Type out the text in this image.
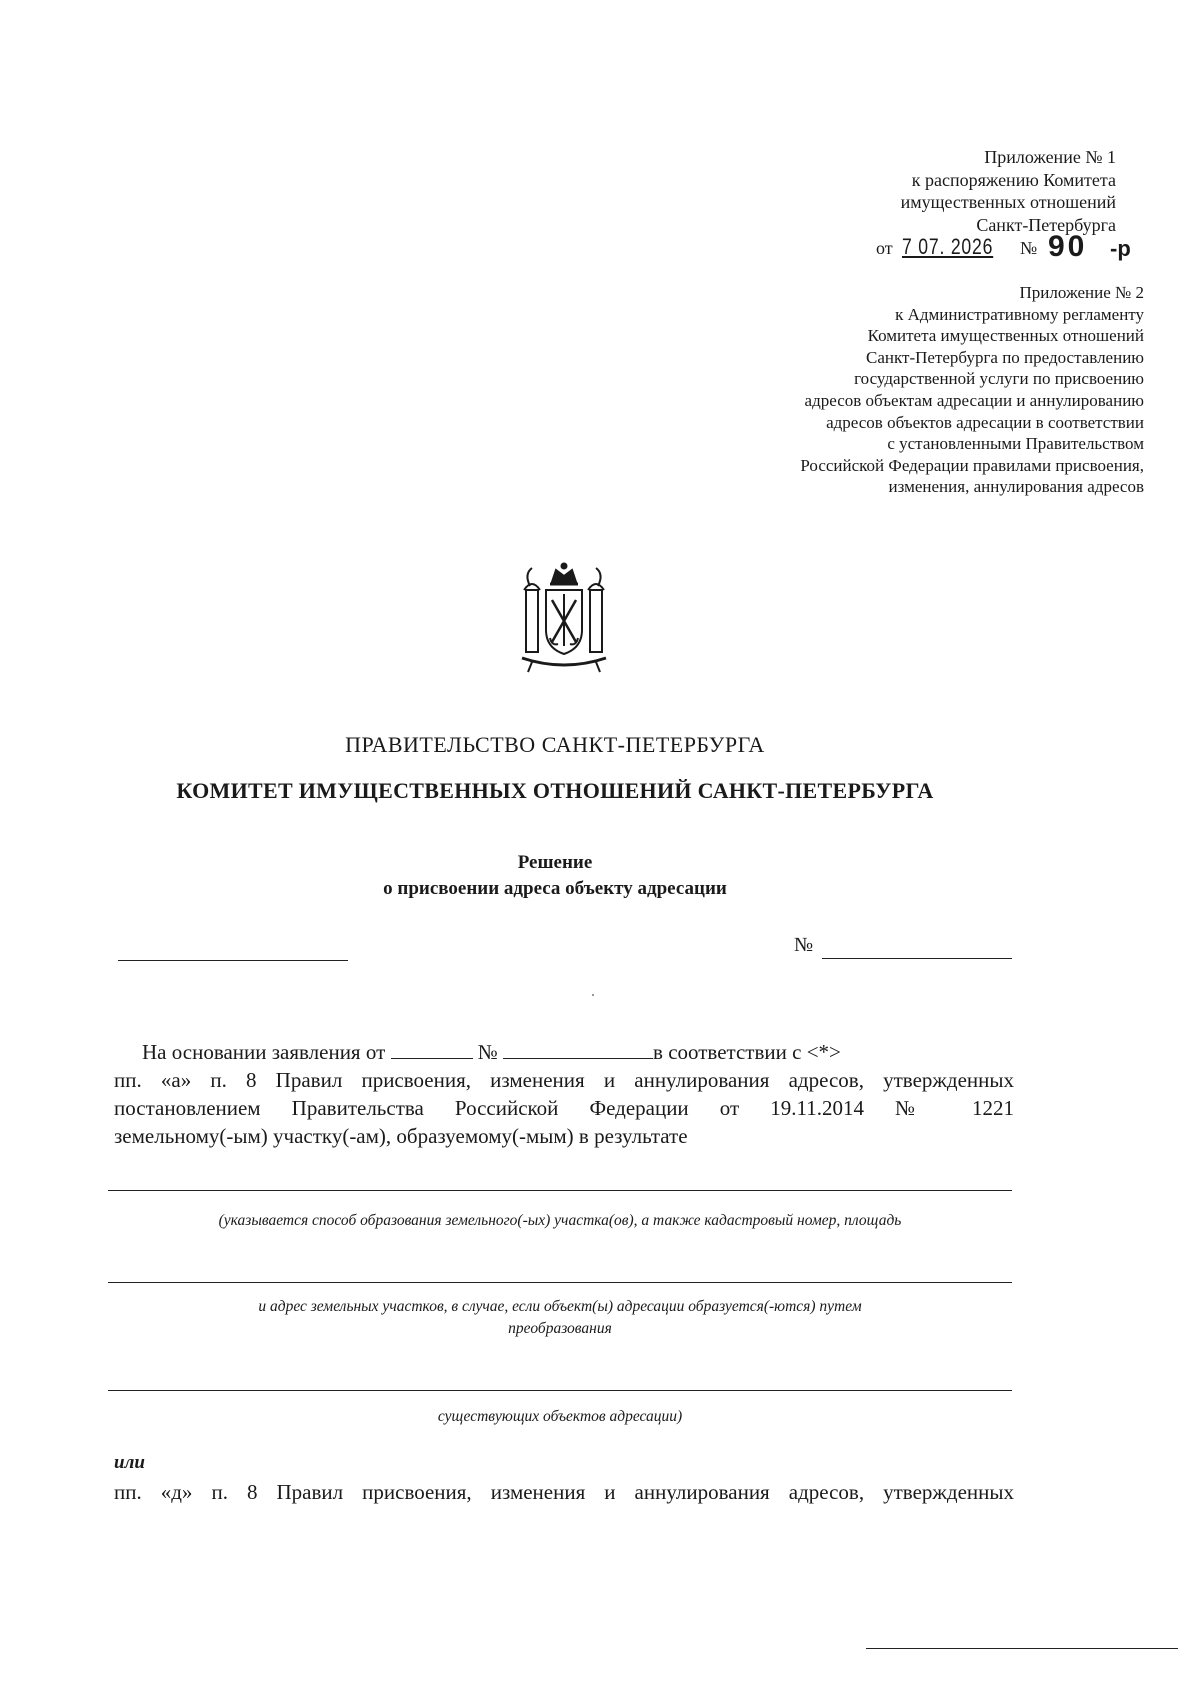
Приложение № 1
к распоряжению Комитета
имущественных отношений
Санкт-Петербурга
от 7 07. 2026 № 90 -р
Приложение № 2
к Административному регламенту
Комитета имущественных отношений
Санкт-Петербурга по предоставлению
государственной услуги по присвоению
адресов объектам адресации и аннулированию
адресов объектов адресации в соответствии
с установленными Правительством
Российской Федерации правилами присвоения,
изменения, аннулирования адресов
ПРАВИТЕЛЬСТВО САНКТ-ПЕТЕРБУРГА
КОМИТЕТ ИМУЩЕСТВЕННЫХ ОТНОШЕНИЙ САНКТ-ПЕТЕРБУРГА
Решение
о присвоении адреса объекту адресации
№
На основании заявления от	№	в соответствии с <*>
пп. «а» п. 8 Правил присвоения, изменения и аннулирования адресов, утвержденных
постановлением Правительства Российской Федерации от 19.11.2014 № 1221
земельному(-ым) участку(-ам), образуемому(-мым) в результате
(указывается способ образования земельного(-ых) участка(ов), а также кадастровый номер, площадь
и адрес земельных участков, в случае, если объект(ы) адресации образуется(-ются) путем
преобразования
существующих объектов адресации)
или
пп. «д» п. 8 Правил присвоения, изменения и аннулирования адресов, утвержденных
